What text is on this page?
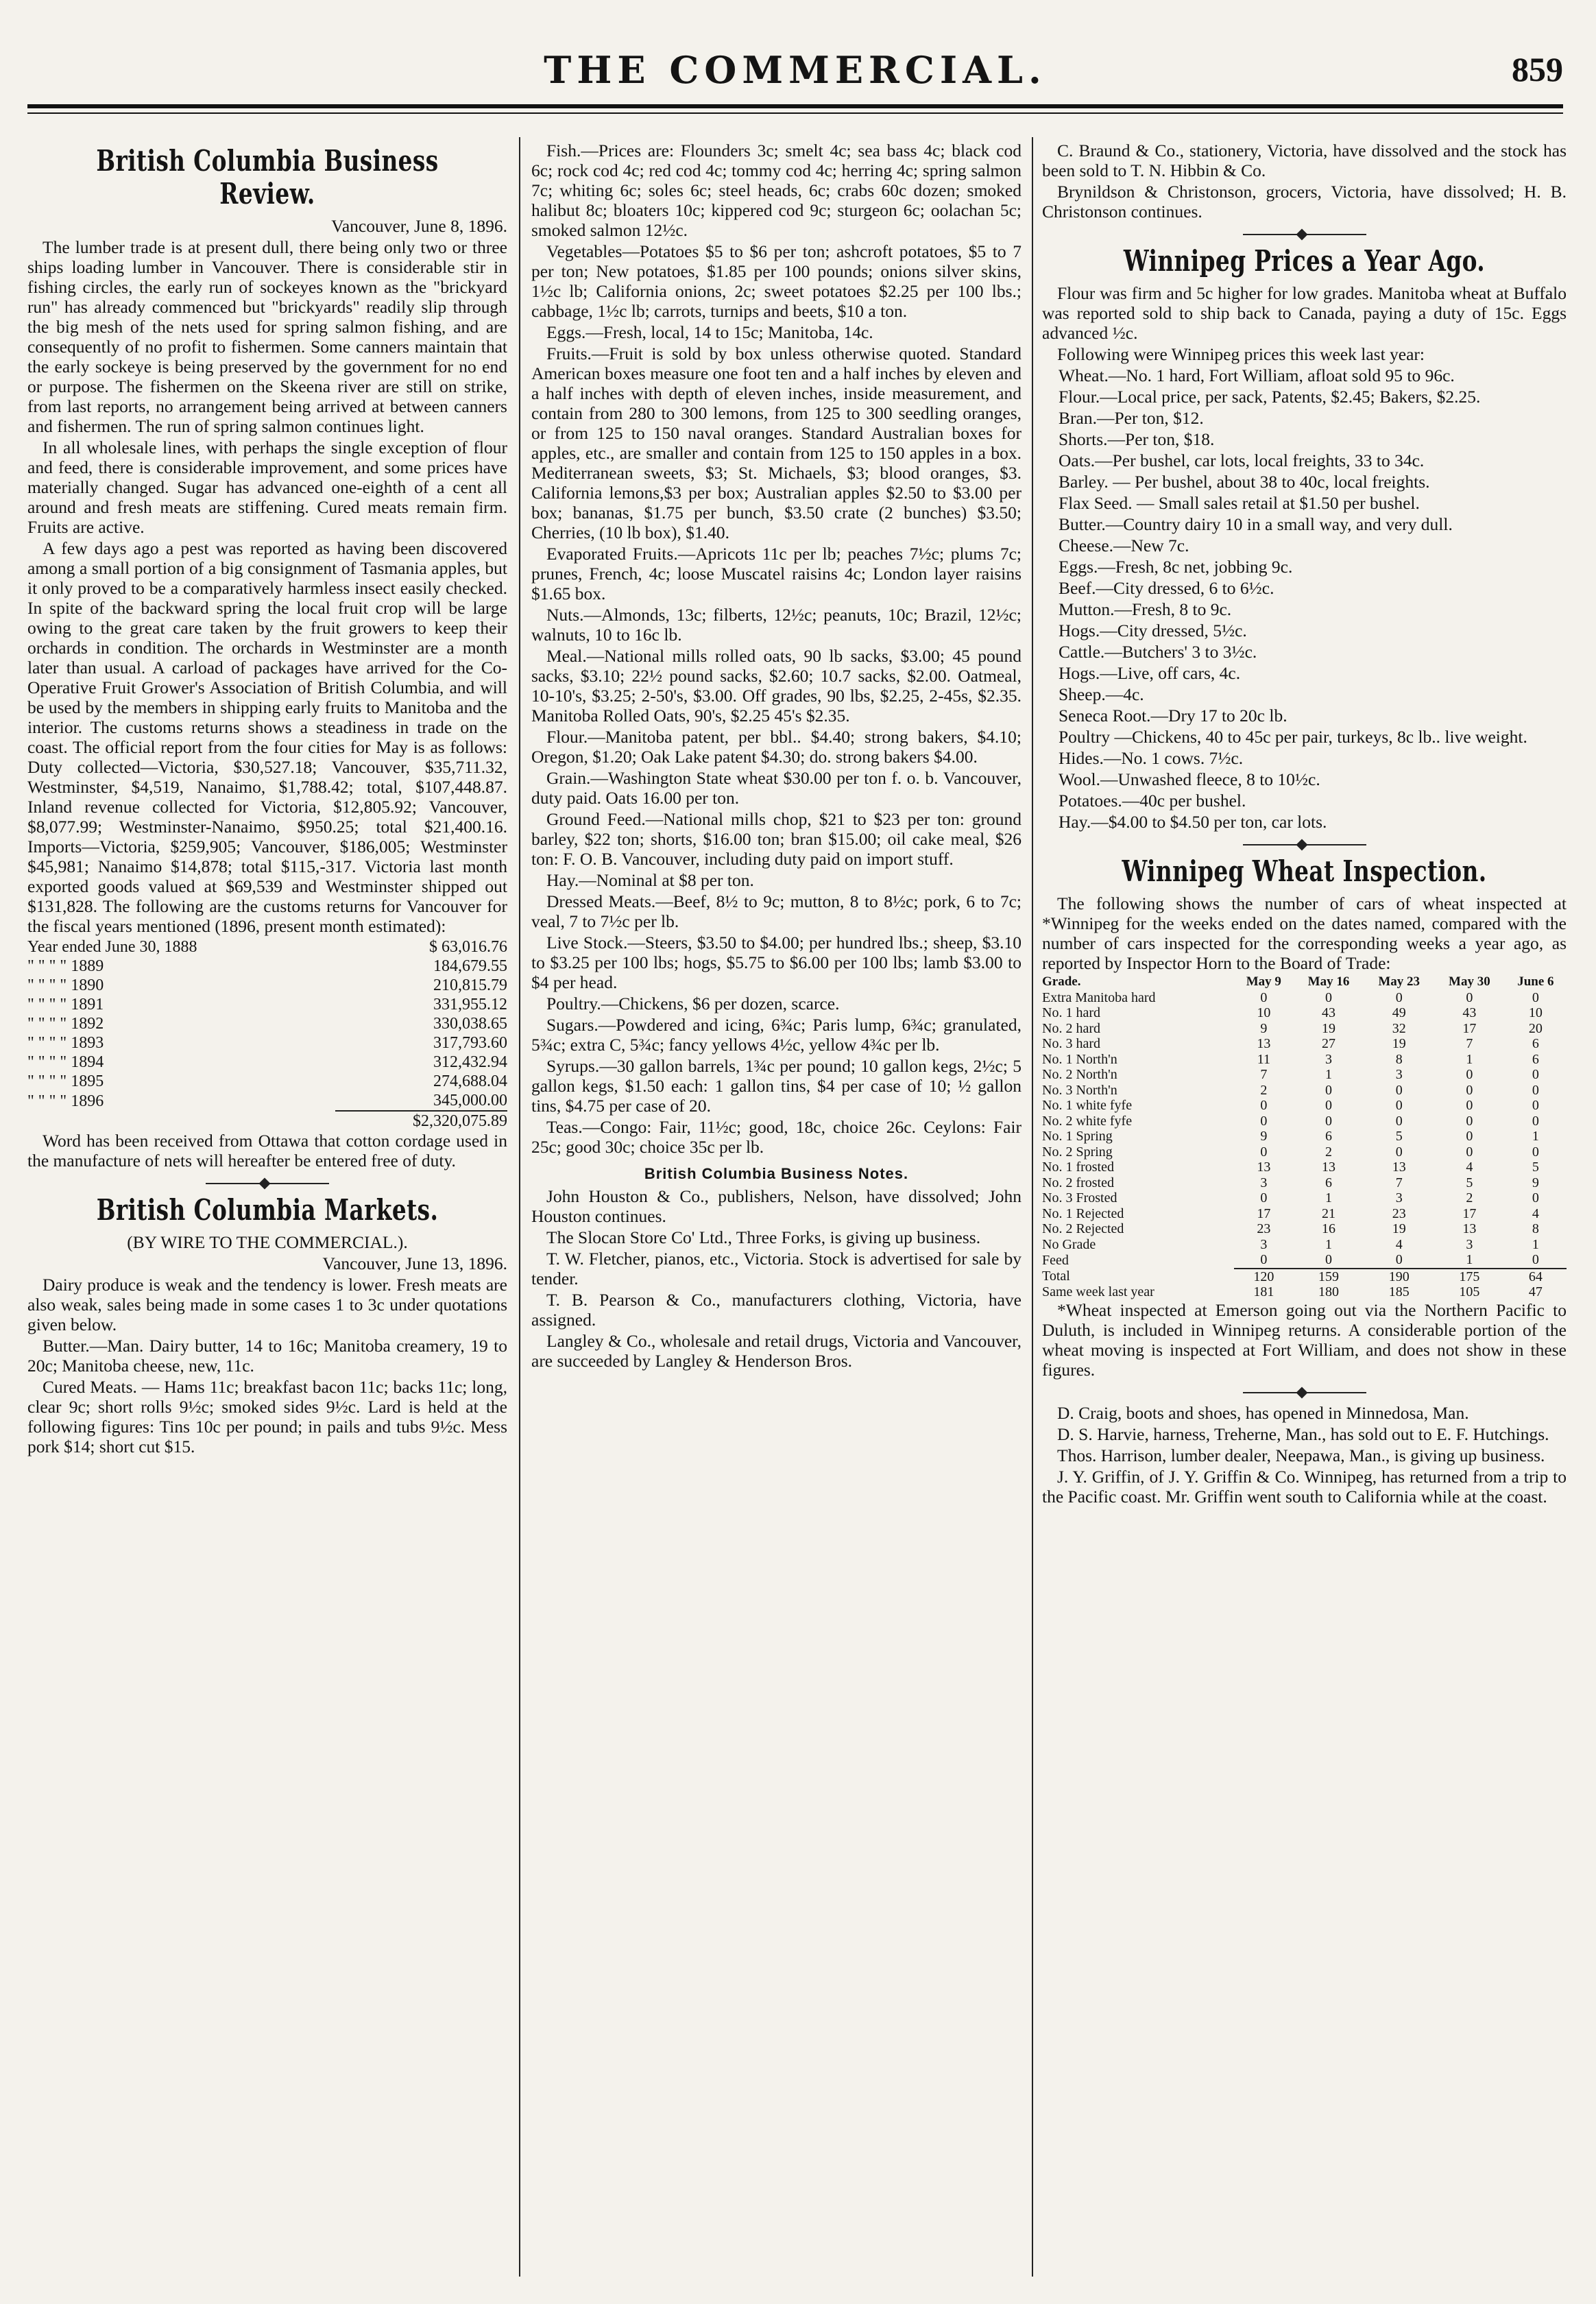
THE COMMERCIAL.	859
British Columbia Business Review.

Vancouver, June 8, 1896.

The lumber trade is at present dull, there being only two or three ships loading lumber in Vancouver. There is considerable stir in fishing circles, the early run of sockeyes known as the "brickyard run" has already commenced but "brickyards" readily slip through the big mesh of the nets used for spring salmon fishing, and are consequently of no profit to fishermen. Some canners maintain that the early sockeye is being preserved by the government for no end or purpose. The fishermen on the Skeena river are still on strike, from last reports, no arrangement being arrived at between canners and fishermen. The run of spring salmon continues light.

In all wholesale lines, with perhaps the single exception of flour and feed, there is considerable improvement, and some prices have materially changed. Sugar has advanced one-eighth of a cent all around and fresh meats are stiffening. Cured meats remain firm. Fruits are active.

A few days ago a pest was reported as having been discovered among a small portion of a big consignment of Tasmania apples, but it only proved to be a comparatively harmless insect easily checked. In spite of the backward spring the local fruit crop will be large owing to the great care taken by the fruit growers to keep their orchards in condition. The orchards in Westminster are a month later than usual. A carload of packages have arrived for the Co-Operative Fruit Grower's Association of British Columbia, and will be used by the members in shipping early fruits to Manitoba and the interior. The customs returns shows a steadiness in trade on the coast. The official report from the four cities for May is as follows: Duty collected—Victoria, $30,527.18; Vancouver, $35,711.32, Westminster, $4,519, Nanaimo, $1,788.42; total, $107,448.87. Inland revenue collected for Victoria, $12,805.92; Vancouver, $8,077.99; Westminster-Nanaimo, $950.25; total $21,400.16. Imports—Victoria, $259,905; Vancouver, $186,005; Westminster $45,981; Nanaimo $14,878; total $115,-317. Victoria last month exported goods valued at $69,539 and Westminster shipped out $131,828. The following are the customs returns for Vancouver for the fiscal years mentioned (1896, present month estimated):

Year ended June 30, 1888	$ 63,016.76
" " " " 1889	184,679.55
" " " " 1890	210,815.79
" " " " 1891	331,955.12
" " " " 1892	330,038.65
" " " " 1893	317,793.60
" " " " 1894	312,432.94
" " " " 1895	274,688.04
" " " " 1896	345,000.00
	$2,320,075.89

Word has been received from Ottawa that cotton cordage used in the manufacture of nets will hereafter be entered free of duty.

British Columbia Markets.

(BY WIRE TO THE COMMERCIAL.).

Vancouver, June 13, 1896.

Dairy produce is weak and the tendency is lower. Fresh meats are also weak, sales being made in some cases 1 to 3c under quotations given below.

Butter.—Man. Dairy butter, 14 to 16c; Manitoba creamery, 19 to 20c; Manitoba cheese, new, 11c.

Cured Meats. — Hams 11c; breakfast bacon 11c; backs 11c; long, clear 9c; short rolls 9½c; smoked sides 9½c. Lard is held at the following figures: Tins 10c per pound; in pails and tubs 9½c. Mess pork $14; short cut $15.

Fish.—Prices are: Flounders 3c; smelt 4c; sea bass 4c; black cod 6c; rock cod 4c; red cod 4c; tommy cod 4c; herring 4c; spring salmon 7c; whiting 6c; soles 6c; steel heads, 6c; crabs 60c dozen; smoked halibut 8c; bloaters 10c; kippered cod 9c; sturgeon 6c; oolachan 5c; smoked salmon 12½c.

Vegetables—Potatoes $5 to $6 per ton; ashcroft potatoes, $5 to 7 per ton; New potatoes, $1.85 per 100 pounds; onions silver skins, 1½c lb; California onions, 2c; sweet potatoes $2.25 per 100 lbs.; cabbage, 1½c lb; carrots, turnips and beets, $10 a ton.

Eggs.—Fresh, local, 14 to 15c; Manitoba, 14c.

Fruits.—Fruit is sold by box unless otherwise quoted. Standard American boxes measure one foot ten and a half inches by eleven and a half inches with depth of eleven inches, inside measurement, and contain from 280 to 300 lemons, from 125 to 300 seedling oranges, or from 125 to 150 naval oranges. Standard Australian boxes for apples, etc., are smaller and contain from 125 to 150 apples in a box. Mediterranean sweets, $3; St. Michaels, $3; blood oranges, $3. California lemons,$3 per box; Australian apples $2.50 to $3.00 per box; bananas, $1.75 per bunch, $3.50 crate (2 bunches) $3.50; Cherries, (10 lb box), $1.40.

Evaporated Fruits.—Apricots 11c per lb; peaches 7½c; plums 7c; prunes, French, 4c; loose Muscatel raisins 4c; London layer raisins $1.65 box.

Nuts.—Almonds, 13c; filberts, 12½c; peanuts, 10c; Brazil, 12½c; walnuts, 10 to 16c lb.

Meal.—National mills rolled oats, 90 lb sacks, $3.00; 45 pound sacks, $3.10; 22½ pound sacks, $2.60; 10.7 sacks, $2.00. Oatmeal, 10-10's, $3.25; 2-50's, $3.00. Off grades, 90 lbs, $2.25, 2-45s, $2.35. Manitoba Rolled Oats, 90's, $2.25 45's $2.35.

Flour.—Manitoba patent, per bbl.. $4.40; strong bakers, $4.10; Oregon, $1.20; Oak Lake patent $4.30; do. strong bakers $4.00.

Grain.—Washington State wheat $30.00 per ton f. o. b. Vancouver, duty paid. Oats 16.00 per ton.

Ground Feed.—National mills chop, $21 to $23 per ton: ground barley, $22 ton; shorts, $16.00 ton; bran $15.00; oil cake meal, $26 ton: F. O. B. Vancouver, including duty paid on import stuff.

Hay.—Nominal at $8 per ton.

Dressed Meats.—Beef, 8½ to 9c; mutton, 8 to 8½c; pork, 6 to 7c; veal, 7 to 7½c per lb.

Live Stock.—Steers, $3.50 to $4.00; per hundred lbs.; sheep, $3.10 to $3.25 per 100 lbs; hogs, $5.75 to $6.00 per 100 lbs; lamb $3.00 to $4 per head.

Poultry.—Chickens, $6 per dozen, scarce.

Sugars.—Powdered and icing, 6¾c; Paris lump, 6¾c; granulated, 5¾c; extra C, 5¾c; fancy yellows 4½c, yellow 4¾c per lb.

Syrups.—30 gallon barrels, 1¾c per pound; 10 gallon kegs, 2½c; 5 gallon kegs, $1.50 each: 1 gallon tins, $4 per case of 10; ½ gallon tins, $4.75 per case of 20.

Teas.—Congo: Fair, 11½c; good, 18c, choice 26c. Ceylons: Fair 25c; good 30c; choice 35c per lb.

British Columbia Business Notes.

John Houston & Co., publishers, Nelson, have dissolved; John Houston continues.

The Slocan Store Co' Ltd., Three Forks, is giving up business.

T. W. Fletcher, pianos, etc., Victoria. Stock is advertised for sale by tender.

T. B. Pearson & Co., manufacturers clothing, Victoria, have assigned.

Langley & Co., wholesale and retail drugs, Victoria and Vancouver, are succeeded by Langley & Henderson Bros.

C. Braund & Co., stationery, Victoria, have dissolved and the stock has been sold to T. N. Hibbin & Co.

Brynildson & Christonson, grocers, Victoria, have dissolved; H. B. Christonson continues.

Winnipeg Prices a Year Ago.

Flour was firm and 5c higher for low grades. Manitoba wheat at Buffalo was reported sold to ship back to Canada, paying a duty of 15c. Eggs advanced ½c.

Following were Winnipeg prices this week last year:

Wheat.—No. 1 hard, Fort William, afloat sold 95 to 96c.

Flour.—Local price, per sack, Patents, $2.45; Bakers, $2.25.

Bran.—Per ton, $12.

Shorts.—Per ton, $18.

Oats.—Per bushel, car lots, local freights, 33 to 34c.

Barley. — Per bushel, about 38 to 40c, local freights.

Flax Seed. — Small sales retail at $1.50 per bushel.

Butter.—Country dairy 10 in a small way, and very dull.

Cheese.—New 7c.

Eggs.—Fresh, 8c net, jobbing 9c.

Beef.—City dressed, 6 to 6½c.

Mutton.—Fresh, 8 to 9c.

Hogs.—City dressed, 5½c.

Cattle.—Butchers' 3 to 3½c.

Hogs.—Live, off cars, 4c.

Sheep.—4c.

Seneca Root.—Dry 17 to 20c lb.

Poultry —Chickens, 40 to 45c per pair, turkeys, 8c lb.. live weight.

Hides.—No. 1 cows. 7½c.

Wool.—Unwashed fleece, 8 to 10½c.

Potatoes.—40c per bushel.

Hay.—$4.00 to $4.50 per ton, car lots.

Winnipeg Wheat Inspection.

The following shows the number of cars of wheat inspected at *Winnipeg for the weeks ended on the dates named, compared with the number of cars inspected for the corresponding weeks a year ago, as reported by Inspector Horn to the Board of Trade:

Grade.	May 9	May 16	May 23	May 30	June 6
Extra Manitoba hard	0	0	0	0	0
No. 1 hard	10	43	49	43	10
No. 2 hard	9	19	32	17	20
No. 3 hard	13	27	19	7	6
No. 1 North'n	11	3	8	1	6
No. 2 North'n	7	1	3	0	0
No. 3 North'n	2	0	0	0	0
No. 1 white fyfe	0	0	0	0	0
No. 2 white fyfe	0	0	0	0	0
No. 1 Spring	9	6	5	0	1
No. 2 Spring	0	2	0	0	0
No. 1 frosted	13	13	13	4	5
No. 2 frosted	3	6	7	5	9
No. 3 Frosted	0	1	3	2	0
No. 1 Rejected	17	21	23	17	4
No. 2 Rejected	23	16	19	13	8
No Grade	3	1	4	3	1
Feed	0	0	0	1	0
Total	120	159	190	175	64
Same week last year	181	180	185	105	47

*Wheat inspected at Emerson going out via the Northern Pacific to Duluth, is included in Winnipeg returns. A considerable portion of the wheat moving is inspected at Fort William, and does not show in these figures.

D. Craig, boots and shoes, has opened in Minnedosa, Man.

D. S. Harvie, harness, Treherne, Man., has sold out to E. F. Hutchings.

Thos. Harrison, lumber dealer, Neepawa, Man., is giving up business.

J. Y. Griffin, of J. Y. Griffin & Co. Winnipeg, has returned from a trip to the Pacific coast. Mr. Griffin went south to California while at the coast.
